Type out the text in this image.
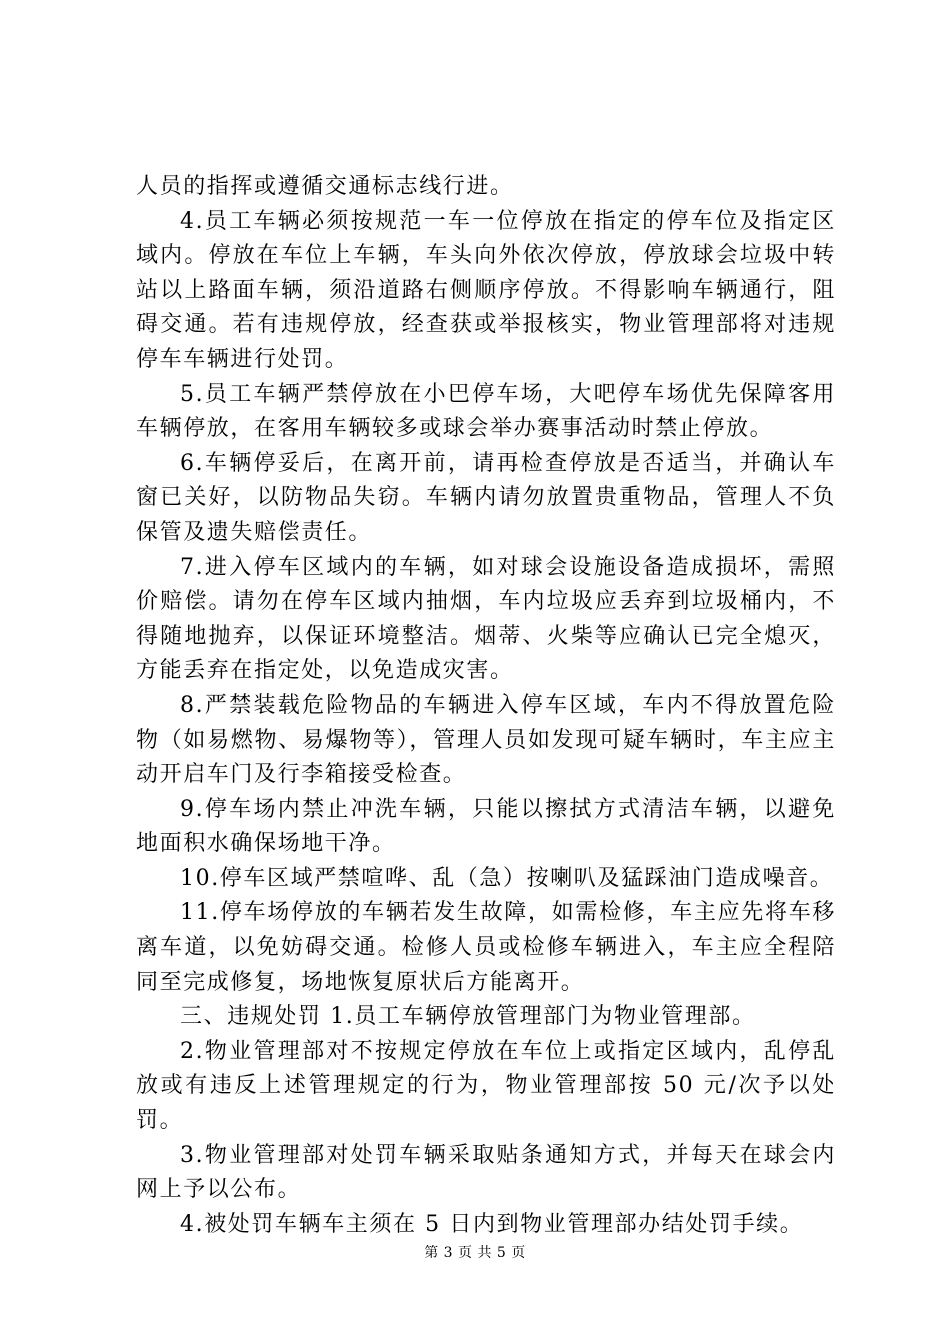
人员的指挥或遵循交通标志线行进。

4.员工车辆必须按规范一车一位停放在指定的停车位及指定区域内。停放在车位上车辆，车头向外依次停放，停放球会垃圾中转站以上路面车辆，须沿道路右侧顺序停放。不得影响车辆通行，阻碍交通。若有违规停放，经查获或举报核实，物业管理部将对违规停车车辆进行处罚。

5.员工车辆严禁停放在小巴停车场，大吧停车场优先保障客用车辆停放，在客用车辆较多或球会举办赛事活动时禁止停放。

6.车辆停妥后，在离开前，请再检查停放是否适当，并确认车窗已关好，以防物品失窃。车辆内请勿放置贵重物品，管理人不负保管及遗失赔偿责任。

7.进入停车区域内的车辆，如对球会设施设备造成损坏，需照价赔偿。请勿在停车区域内抽烟，车内垃圾应丢弃到垃圾桶内，不得随地抛弃，以保证环境整洁。烟蒂、火柴等应确认已完全熄灭，方能丢弃在指定处，以免造成灾害。

8.严禁装载危险物品的车辆进入停车区域，车内不得放置危险物（如易燃物、易爆物等），管理人员如发现可疑车辆时，车主应主动开启车门及行李箱接受检查。

9.停车场内禁止冲洗车辆，只能以擦拭方式清洁车辆，以避免地面积水确保场地干净。

10.停车区域严禁喧哗、乱（急）按喇叭及猛踩油门造成噪音。

11.停车场停放的车辆若发生故障，如需检修，车主应先将车移离车道，以免妨碍交通。检修人员或检修车辆进入，车主应全程陪同至完成修复，场地恢复原状后方能离开。

三、违规处罚 1.员工车辆停放管理部门为物业管理部。

2.物业管理部对不按规定停放在车位上或指定区域内，乱停乱放或有违反上述管理规定的行为，物业管理部按 50 元/次予以处罚。

3.物业管理部对处罚车辆采取贴条通知方式，并每天在球会内网上予以公布。

4.被处罚车辆车主须在 5 日内到物业管理部办结处罚手续。

第 3 页 共 5 页
